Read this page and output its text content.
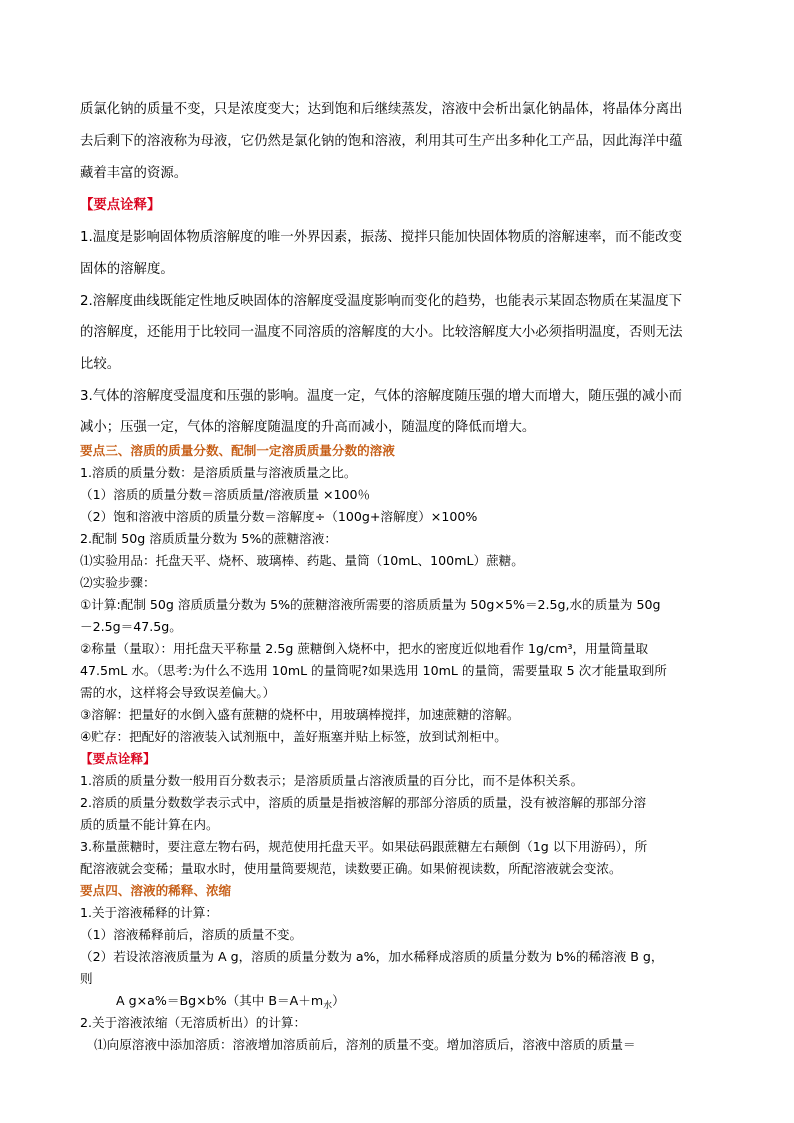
质氯化钠的质量不变，只是浓度变大；达到饱和后继续蒸发，溶液中会析出氯化钠晶体，将晶体分离出
去后剩下的溶液称为母液，它仍然是氯化钠的饱和溶液，利用其可生产出多种化工产品，因此海洋中蕴
藏着丰富的资源。
【要点诠释】
1.温度是影响固体物质溶解度的唯一外界因素，振荡、搅拌只能加快固体物质的溶解速率，而不能改变
固体的溶解度。
2.溶解度曲线既能定性地反映固体的溶解度受温度影响而变化的趋势，也能表示某固态物质在某温度下
的溶解度，还能用于比较同一温度不同溶质的溶解度的大小。比较溶解度大小必须指明温度，否则无法
比较。
3.气体的溶解度受温度和压强的影响。温度一定，气体的溶解度随压强的增大而增大，随压强的减小而
减小；压强一定，气体的溶解度随温度的升高而减小，随温度的降低而增大。
要点三、溶质的质量分数、配制一定溶质质量分数的溶液
1.溶质的质量分数：是溶质质量与溶液质量之比。
（1）溶质的质量分数＝溶质质量/溶液质量 ×100％
（2）饱和溶液中溶质的质量分数＝溶解度÷（100g+溶解度）×100%
2.配制 50g 溶质质量分数为 5%的蔗糖溶液：
⑴实验用品：托盘天平、烧杯、玻璃棒、药匙、量筒（10mL、100mL）蔗糖。
⑵实验步骤：
①计算:配制 50g 溶质质量分数为 5%的蔗糖溶液所需要的溶质质量为 50g×5%＝2.5g,水的质量为 50g
－2.5g＝47.5g。
②称量（量取）：用托盘天平称量 2.5g 蔗糖倒入烧杯中，把水的密度近似地看作 1g/cm³，用量筒量取
47.5mL 水。（思考:为什么不选用 10mL 的量筒呢?如果选用 10mL 的量筒，需要量取 5 次才能量取到所
需的水，这样将会导致误差偏大。）
③溶解：把量好的水倒入盛有蔗糖的烧杯中，用玻璃棒搅拌，加速蔗糖的溶解。
④贮存：把配好的溶液装入试剂瓶中，盖好瓶塞并贴上标签，放到试剂柜中。
【要点诠释】
1.溶质的质量分数一般用百分数表示；是溶质质量占溶液质量的百分比，而不是体积关系。
2.溶质的质量分数数学表示式中，溶质的质量是指被溶解的那部分溶质的质量，没有被溶解的那部分溶
质的质量不能计算在内。
3.称量蔗糖时，要注意左物右码，规范使用托盘天平。如果砝码跟蔗糖左右颠倒（1g 以下用游码），所
配溶液就会变稀；量取水时，使用量筒要规范，读数要正确。如果俯视读数，所配溶液就会变浓。
要点四、溶液的稀释、浓缩
1.关于溶液稀释的计算：
（1）溶液稀释前后，溶质的质量不变。
（2）若设浓溶液质量为 A g，溶质的质量分数为 a%，加水稀释成溶质的质量分数为 b%的稀溶液 B g，
则
A g×a%＝Bg×b%（其中 $B=A+m_水$）
2.关于溶液浓缩（无溶质析出）的计算：
⑴向原溶液中添加溶质：溶液增加溶质前后，溶剂的质量不变。增加溶质后，溶液中溶质的质量＝
